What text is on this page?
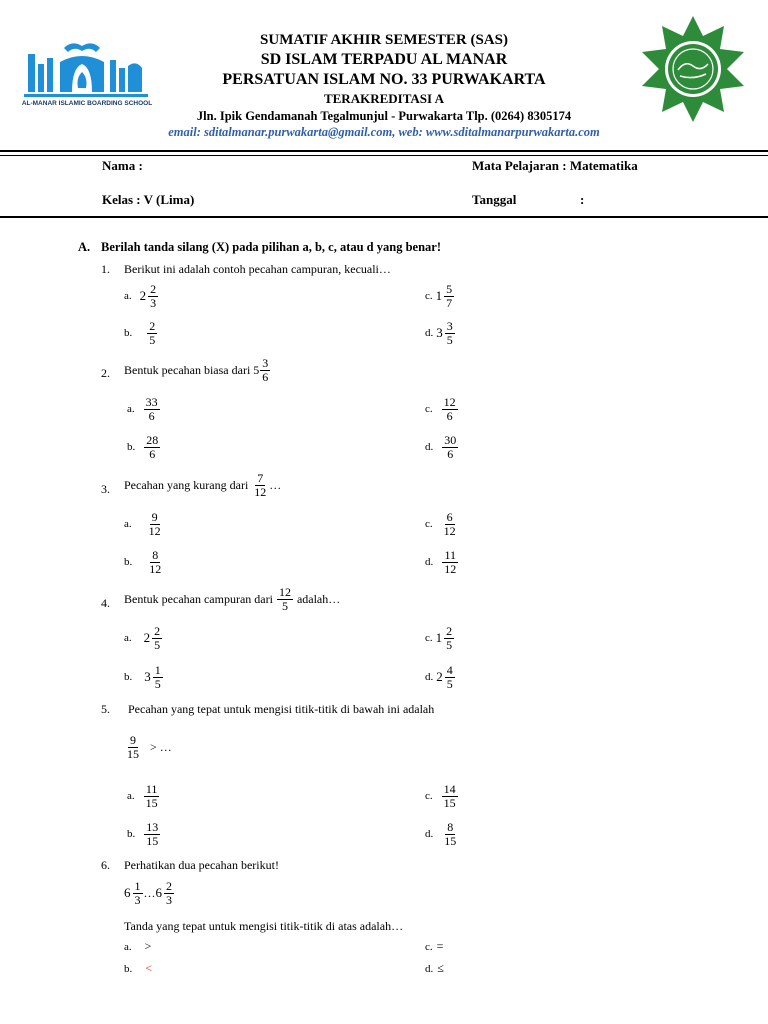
AL-MANAR ISLAMIC BOARDING SCHOOL
SUMATIF AKHIR SEMESTER (SAS)
SD ISLAM TERPADU AL MANAR
PERSATUAN ISLAM NO. 33 PURWAKARTA
TERAKREDITASI A
Jln. Ipik Gendamanah Tegalmunjul - Purwakarta Tlp. (0264) 8305174
email: sditalmanar.purwakarta@gmail.com, web: www.sditalmanarpurwakarta.com
Nama :	Mata Pelajaran : Matematika
Kelas : V (Lima)	Tanggal	:
A. Berilah tanda silang (X) pada pilihan a, b, c, atau d yang benar!
1. Berikut ini adalah contoh pecahan campuran, kecuali…
a. $2 \frac{2}{3}$	c. $1 \frac{5}{7}$
b. $\frac{2}{5}$	d. $3 \frac{3}{5}$
2. Bentuk pecahan biasa dari $5 \frac{3}{6}$
a. $\frac{33}{6}$	c. $\frac{12}{6}$
b. $\frac{28}{6}$	d. $\frac{30}{6}$
3. Pecahan yang kurang dari $\frac{7}{12}$ …
a. $\frac{9}{12}$	c. $\frac{6}{12}$
b. $\frac{8}{12}$	d. $\frac{11}{12}$
4. Bentuk pecahan campuran dari $\frac{12}{5}$ adalah…
a. $2 \frac{2}{5}$	c. $1 \frac{2}{5}$
b. $3 \frac{1}{5}$	d. $2 \frac{4}{5}$
5. Pecahan yang tepat untuk mengisi titik-titik di bawah ini adalah
$\frac{9}{15}$ > …
a. $\frac{11}{15}$	c. $\frac{14}{15}$
b. $\frac{13}{15}$	d. $\frac{8}{15}$
6. Perhatikan dua pecahan berikut!
$6 \frac{1}{3}$ … $6 \frac{2}{3}$
Tanda yang tepat untuk mengisi titik-titik di atas adalah…
a. >	c. =
b. <	d. ≤
